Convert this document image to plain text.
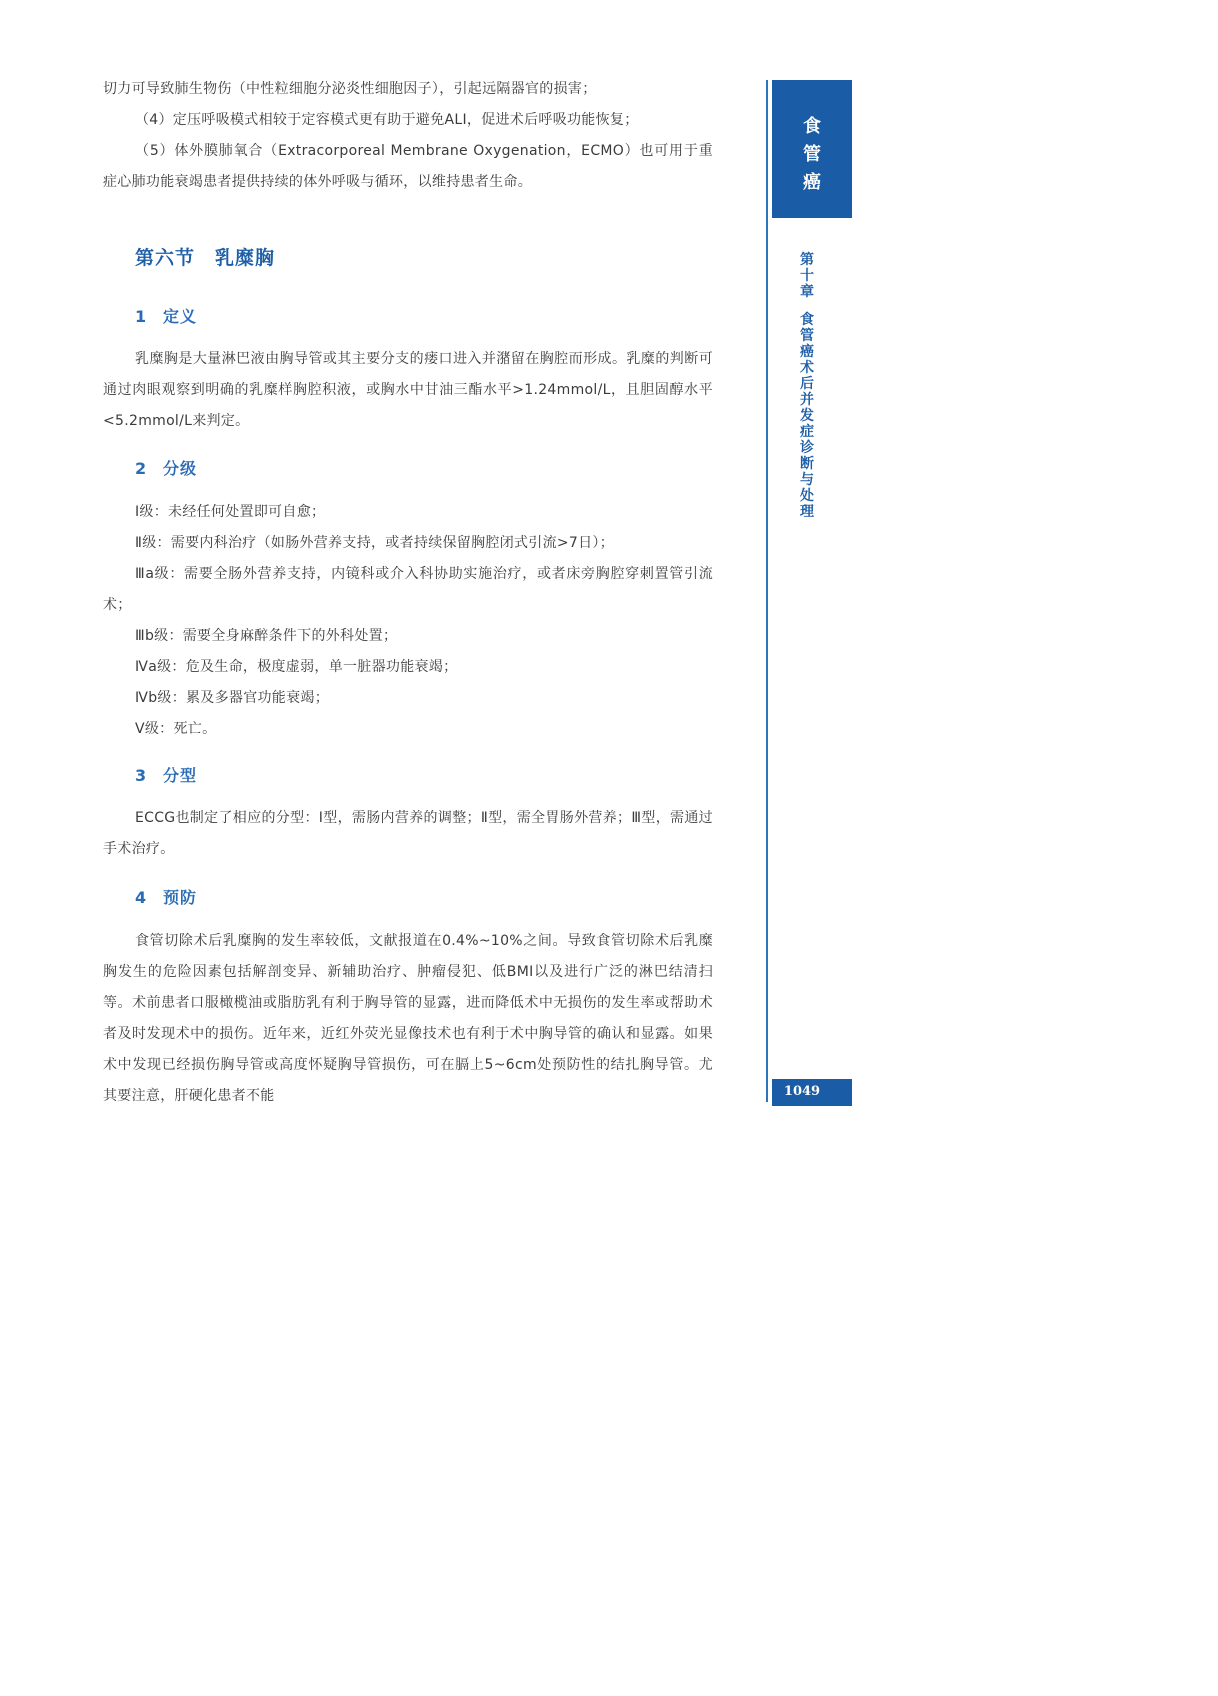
切力可导致肺生物伤（中性粒细胞分泌炎性细胞因子），引起远隔器官的损害；

（4）定压呼吸模式相较于定容模式更有助于避免ALI，促进术后呼吸功能恢复；

（5）体外膜肺氧合（Extracorporeal Membrane Oxygenation，ECMO）也可用于重症心肺功能衰竭患者提供持续的体外呼吸与循环，以维持患者生命。

第六节　乳糜胸
1 定义

乳糜胸是大量淋巴液由胸导管或其主要分支的瘘口进入并潴留在胸腔而形成。乳糜的判断可通过肉眼观察到明确的乳糜样胸腔积液，或胸水中甘油三酯水平>1.24mmol/L，且胆固醇水平<5.2mmol/L来判定。

2 分级

Ⅰ级：未经任何处置即可自愈；

Ⅱ级：需要内科治疗（如肠外营养支持，或者持续保留胸腔闭式引流>7日）；

Ⅲa级：需要全肠外营养支持，内镜科或介入科协助实施治疗，或者床旁胸腔穿刺置管引流术；

Ⅲb级：需要全身麻醉条件下的外科处置；

Ⅳa级：危及生命，极度虚弱，单一脏器功能衰竭；

Ⅳb级：累及多器官功能衰竭；

Ⅴ级：死亡。

3 分型

ECCG也制定了相应的分型：Ⅰ型，需肠内营养的调整；Ⅱ型，需全胃肠外营养；Ⅲ型，需通过手术治疗。

4 预防

食管切除术后乳糜胸的发生率较低，文献报道在0.4%~10%之间。导致食管切除术后乳糜胸发生的危险因素包括解剖变异、新辅助治疗、肿瘤侵犯、低BMI以及进行广泛的淋巴结清扫等。术前患者口服橄榄油或脂肪乳有利于胸导管的显露，进而降低术中无损伤的发生率或帮助术者及时发现术中的损伤。近年来，近红外荧光显像技术也有利于术中胸导管的确认和显露。如果术中发现已经损伤胸导管或高度怀疑胸导管损伤，可在膈上5~6cm处预防性的结扎胸导管。尤其要注意，肝硬化患者不能

食
管
癌
第
十
章
食
管
癌
术
后
并
发
症
诊
断
与
处
理
1049
